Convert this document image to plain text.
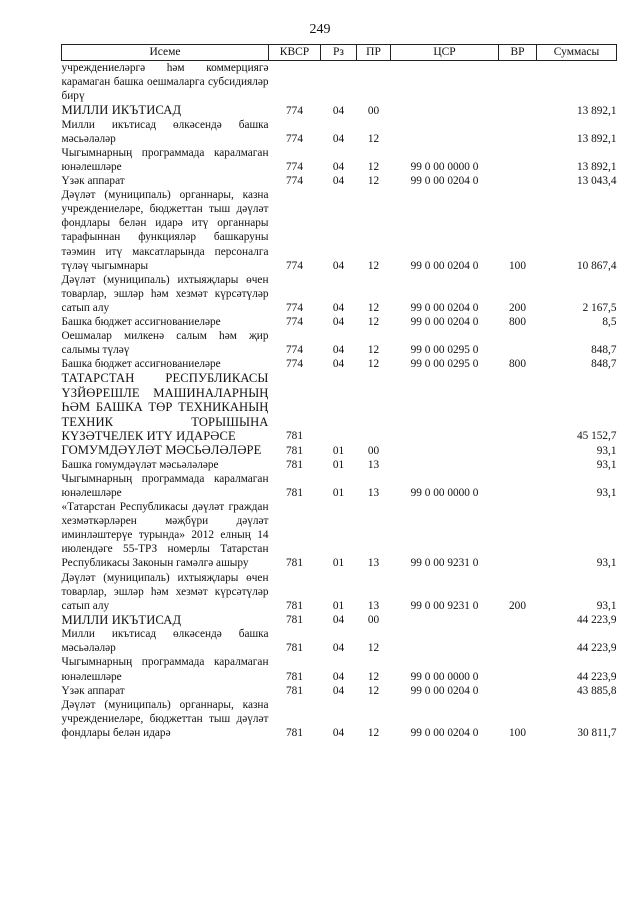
249
Исеме	КВСР	Рз	ПР	ЦСР	ВР	Суммасы
учреждениеләргә һәм коммерциягә карамаган башка оешмаларга субсидияләр бирү						
МИЛЛИ ИКЪТИСАД	774	04	00			13 892,1
Милли икътисад өлкәсендә башка мәсьәләләр	774	04	12			13 892,1
Чыгымнарның программада каралмаган юнәлешләре	774	04	12	99 0 00 0000 0		13 892,1
Үзәк аппарат	774	04	12	99 0 00 0204 0		13 043,4
Дәүләт (муниципаль) органнары, казна учреждениеләре, бюджеттан тыш дәүләт фондлары белән идарә итү органнары тарафыннан функцияләр башкаруны тәэмин итү максатларында персоналга түләү чыгымнары	774	04	12	99 0 00 0204 0	100	10 867,4
Дәүләт (муниципаль) ихтыяҗлары өчен товарлар, эшләр һәм хезмәт күрсәтүләр сатып алу	774	04	12	99 0 00 0204 0	200	2 167,5
Башка бюджет ассигнованиеләре	774	04	12	99 0 00 0204 0	800	8,5
Оешмалар милкенә салым һәм җир салымы түләү	774	04	12	99 0 00 0295 0		848,7
Башка бюджет ассигнованиеләре	774	04	12	99 0 00 0295 0	800	848,7
ТАТАРСТАН РЕСПУБЛИКАСЫ ҮЗЙӨРЕШЛЕ МАШИНАЛАРНЫҢ ҺӘМ БАШКА ТӨР ТЕХНИКАНЫҢ ТЕХНИК ТОРЫШЫНА КҮЗӘТЧЕЛЕК ИТҮ ИДАРӘСЕ	781					45 152,7
ГОМУМДӘҮЛӘТ МӘСЬӘЛӘЛӘРЕ	781	01	00			93,1
Башка гомумдәүләт мәсьәләләре	781	01	13			93,1
Чыгымнарның программада каралмаган юнәлешләре	781	01	13	99 0 00 0000 0		93,1
«Татарстан Республикасы дәүләт граждан хезмәткәрләрен мәҗбүри дәүләт иминләштерүе турында» 2012 елның 14 июлендәге 55-ТРЗ номерлы Татарстан Республикасы Законын гамәлгә ашыру	781	01	13	99 0 00 9231 0		93,1
Дәүләт (муниципаль) ихтыяҗлары өчен товарлар, эшләр һәм хезмәт күрсәтүләр сатып алу	781	01	13	99 0 00 9231 0	200	93,1
МИЛЛИ ИКЪТИСАД	781	04	00			44 223,9
Милли икътисад өлкәсендә башка мәсьәләләр	781	04	12			44 223,9
Чыгымнарның программада каралмаган юнәлешләре	781	04	12	99 0 00 0000 0		44 223,9
Үзәк аппарат	781	04	12	99 0 00 0204 0		43 885,8
Дәүләт (муниципаль) органнары, казна учреждениеләре, бюджеттан тыш дәүләт фондлары белән идарә	781	04	12	99 0 00 0204 0	100	30 811,7
